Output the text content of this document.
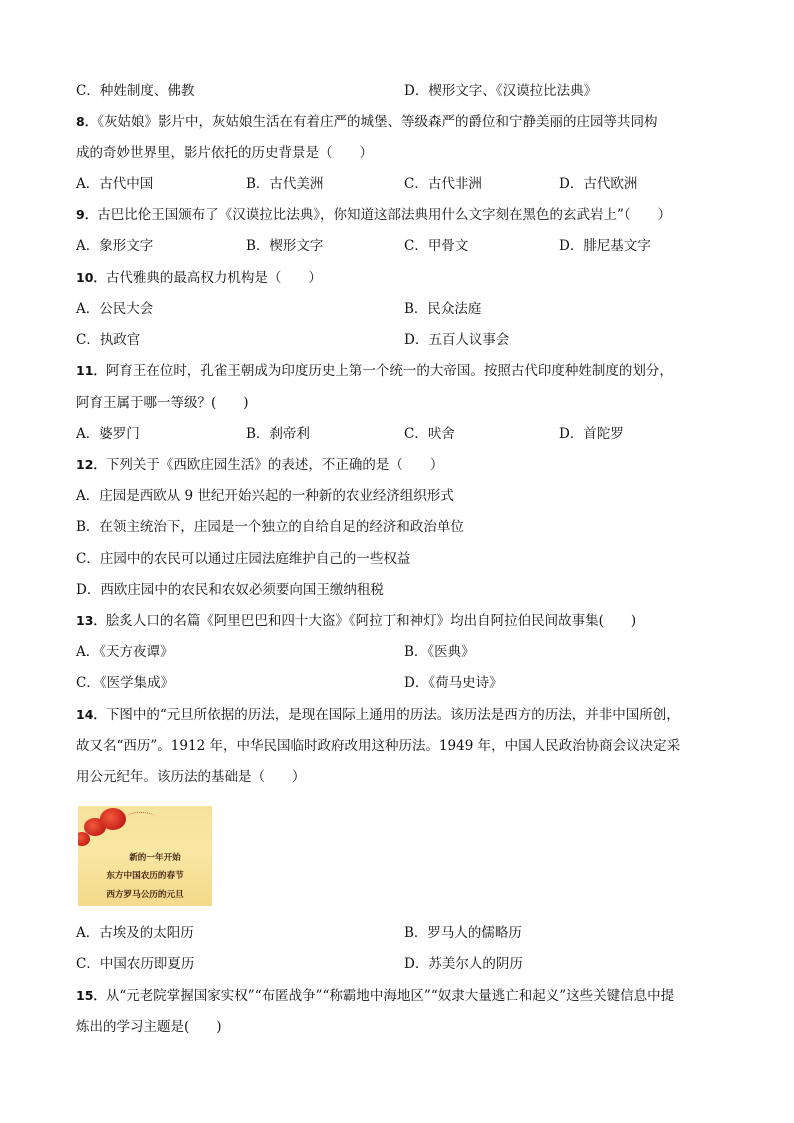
C．种姓制度、佛教	D．楔形文字、《汉谟拉比法典》
8．《灰姑娘》影片中，灰姑娘生活在有着庄严的城堡、等级森严的爵位和宁静美丽的庄园等共同构
成的奇妙世界里，影片依托的历史背景是（　　）
A．古代中国	B．古代美洲	C．古代非洲	D．古代欧洲
9．古巴比伦王国颁布了《汉谟拉比法典》，你知道这部法典用什么文字刻在黑色的玄武岩上”（　　）
A．象形文字	B．楔形文字	C．甲骨文	D．腓尼基文字
10．古代雅典的最高权力机构是（　　）
A．公民大会	B．民众法庭
C．执政官	D．五百人议事会
11．阿育王在位时，孔雀王朝成为印度历史上第一个统一的大帝国。按照古代印度种姓制度的划分，
阿育王属于哪一等级？(　　)
A．婆罗门	B．刹帝利	C．吠舍	D．首陀罗
12．下列关于《西欧庄园生活》的表述，不正确的是（　　）
A．庄园是西欧从 9 世纪开始兴起的一种新的农业经济组织形式
B．在领主统治下，庄园是一个独立的自给自足的经济和政治单位
C．庄园中的农民可以通过庄园法庭维护自己的一些权益
D．西欧庄园中的农民和农奴必须要向国王缴纳租税
13．脍炙人口的名篇《阿里巴巴和四十大盗》《阿拉丁和神灯》均出自阿拉伯民间故事集(　　)
A．《天方夜谭》	B．《医典》
C．《医学集成》	D．《荷马史诗》
14．下图中的“元旦所依据的历法，是现在国际上通用的历法。该历法是西方的历法，并非中国所创，
故又名“西历”。1912 年，中华民国临时政府改用这种历法。1949 年，中国人民政治协商会议决定采
用公元纪年。该历法的基础是（　　）
新的一年开始
东方中国农历的春节
西方罗马公历的元旦
A．古埃及的太阳历	B．罗马人的儒略历
C．中国农历即夏历	D．苏美尔人的阴历
15．从“元老院掌握国家实权”“布匿战争”“称霸地中海地区”“奴隶大量逃亡和起义”这些关键信息中提
炼出的学习主题是(　　)
